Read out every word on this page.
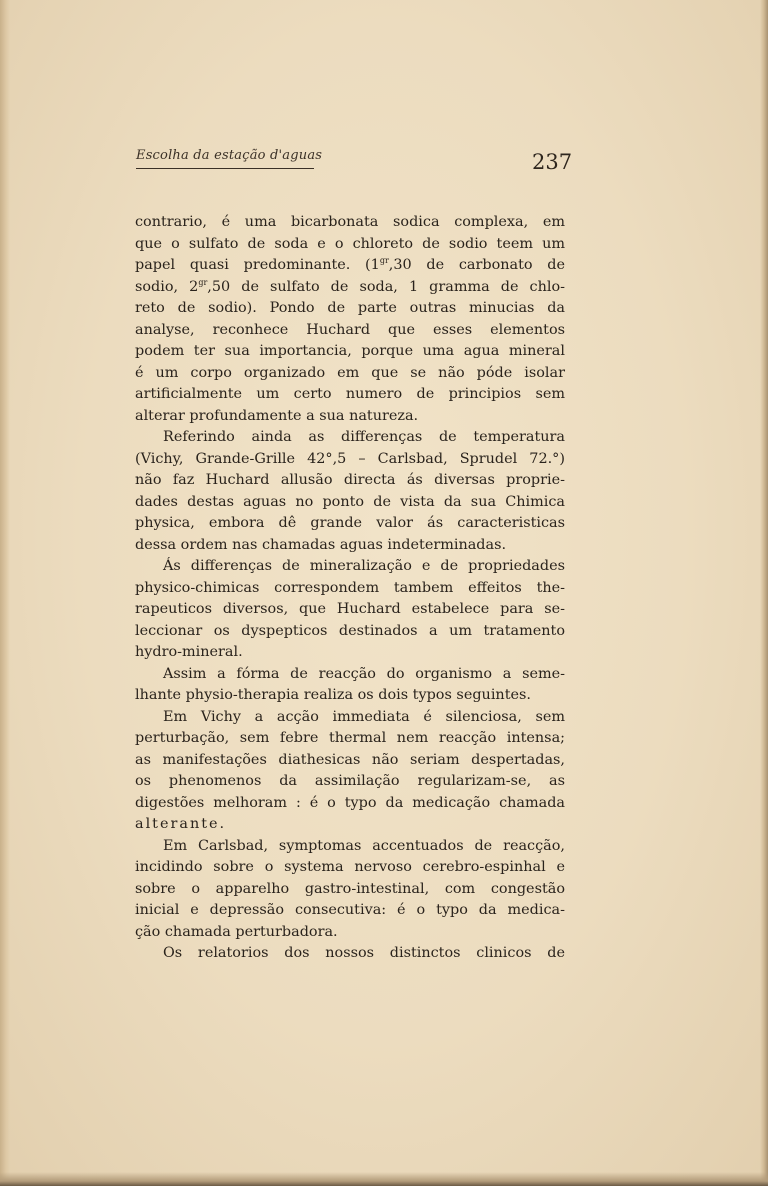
Escolha da estação d'aguas	237
contrario, é uma bicarbonata sodica complexa, em
que o sulfato de soda e o chloreto de sodio teem um
papel quasi predominante. ($1^{gr},30$ de carbonato de
sodio, $2^{gr},50$ de sulfato de soda, 1 gramma de chlo-
reto de sodio). Pondo de parte outras minucias da
analyse, reconhece Huchard que esses elementos
podem ter sua importancia, porque uma agua mineral
é um corpo organizado em que se não póde isolar
artificialmente um certo numero de principios sem
alterar profundamente a sua natureza.
Referindo ainda as differenças de temperatura
(Vichy, Grande-Grille 42°,5 – Carlsbad, Sprudel 72.°)
não faz Huchard allusão directa ás diversas proprie-
dades destas aguas no ponto de vista da sua Chimica
physica, embora dê grande valor ás caracteristicas
dessa ordem nas chamadas aguas indeterminadas.
Ás differenças de mineralização e de propriedades
physico-chimicas correspondem tambem effeitos the-
rapeuticos diversos, que Huchard estabelece para se-
leccionar os dyspepticos destinados a um tratamento
hydro-mineral.
Assim a fórma de reacção do organismo a seme-
lhante physio-therapia realiza os dois typos seguintes.
Em Vichy a acção immediata é silenciosa, sem
perturbação, sem febre thermal nem reacção intensa;
as manifestações diathesicas não seriam despertadas,
os phenomenos da assimilação regularizam-se, as
digestões melhoram : é o typo da medicação chamada
alterante.
Em Carlsbad, symptomas accentuados de reacção,
incidindo sobre o systema nervoso cerebro-espinhal e
sobre o apparelho gastro-intestinal, com congestão
inicial e depressão consecutiva: é o typo da medica-
ção chamada perturbadora.
Os relatorios dos nossos distinctos clinicos de
